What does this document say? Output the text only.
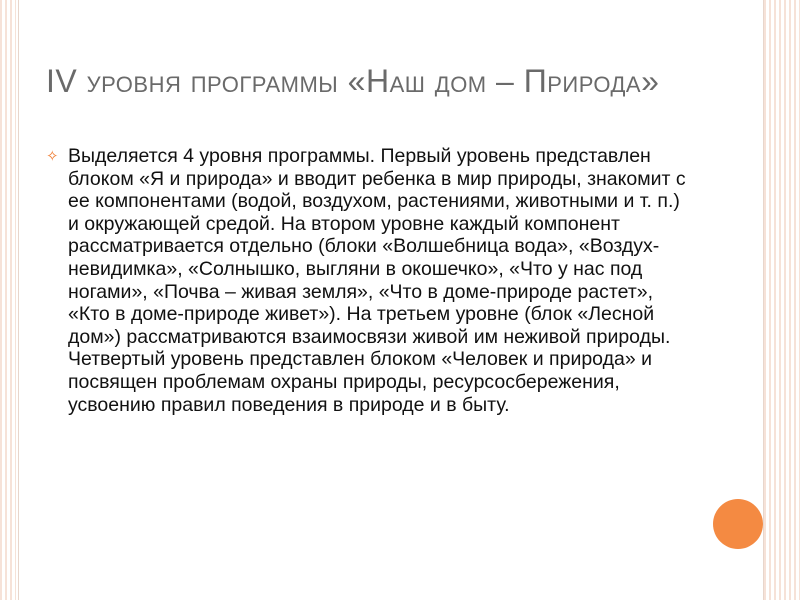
IV уровня программы «Наш дом – Природа»
✧ Выделяется 4 уровня программы. Первый уровень представлен блоком «Я и природа» и вводит ребенка в мир природы, знакомит с ее компонентами (водой, воздухом, растениями, животными и т. п.) и окружающей средой. На втором уровне каждый компонент рассматривается отдельно (блоки «Волшебница вода», «Воздух-невидимка», «Солнышко, выгляни в окошечко», «Что у нас под ногами», «Почва – живая земля», «Что в доме-природе растет», «Кто в доме-природе живет»). На третьем уровне (блок «Лесной дом») рассматриваются взаимосвязи живой им неживой природы. Четвертый уровень представлен блоком «Человек и природа» и посвящен проблемам охраны природы, ресурсосбережения, усвоению правил поведения в природе и в быту.
